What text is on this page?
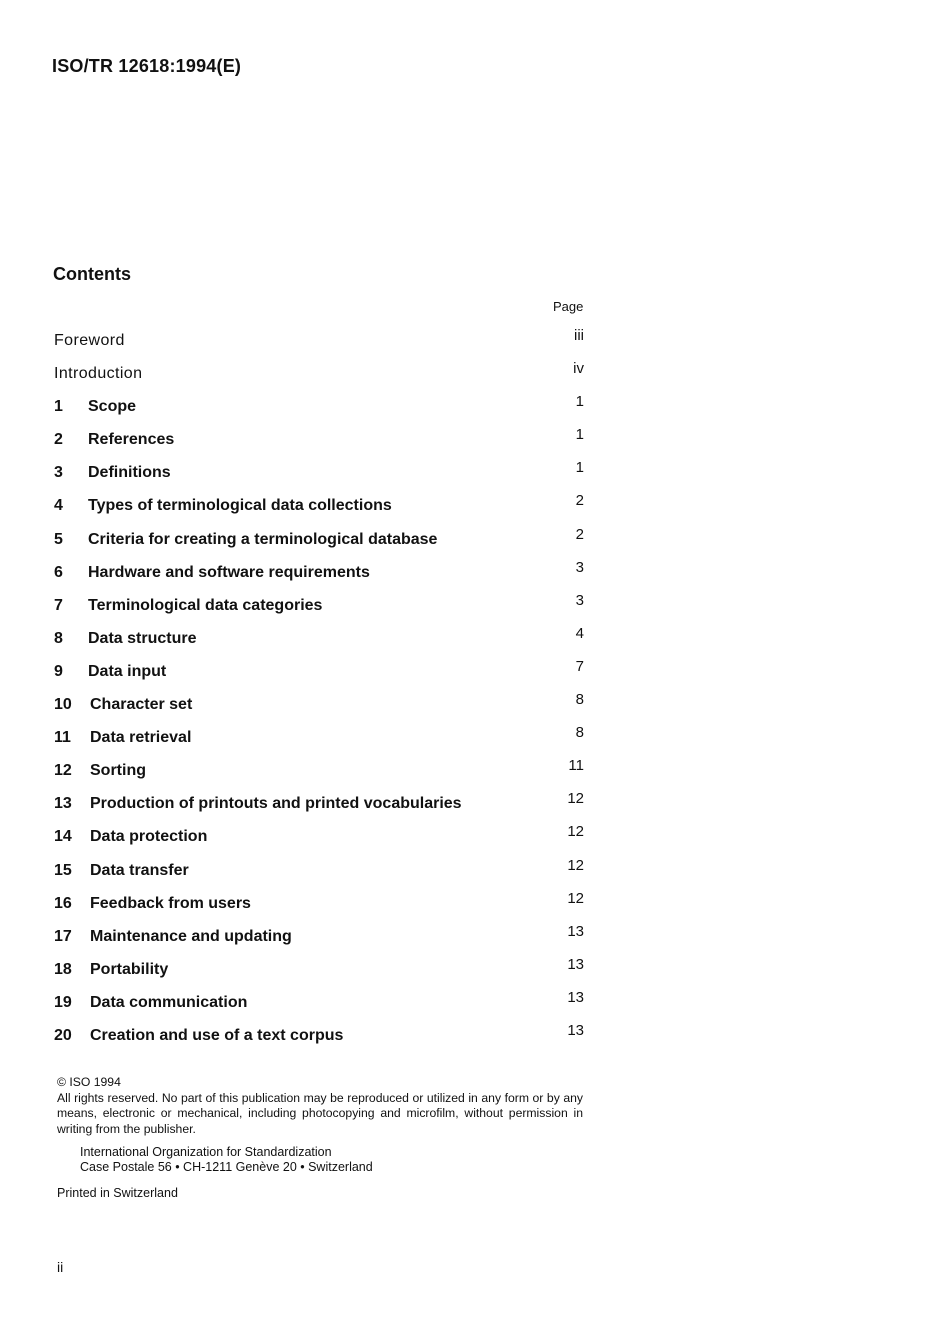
ISO/TR 12618:1994(E)
Contents
Page
Foreword	iii
Introduction	iv
1 Scope	1
2 References	1
3 Definitions	1
4 Types of terminological data collections	2
5 Criteria for creating a terminological database	2
6 Hardware and software requirements	3
7 Terminological data categories	3
8 Data structure	4
9 Data input	7
10 Character set	8
11 Data retrieval	8
12 Sorting	11
13 Production of printouts and printed vocabularies	12
14 Data protection	12
15 Data transfer	12
16 Feedback from users	12
17 Maintenance and updating	13
18 Portability	13
19 Data communication	13
20 Creation and use of a text corpus	13
© ISO 1994
All rights reserved. No part of this publication may be reproduced or utilized in any form or by any means, electronic or mechanical, including photocopying and microfilm, without permission in writing from the publisher.
International Organization for Standardization
Case Postale 56 • CH-1211 Genève 20 • Switzerland
Printed in Switzerland
ii
